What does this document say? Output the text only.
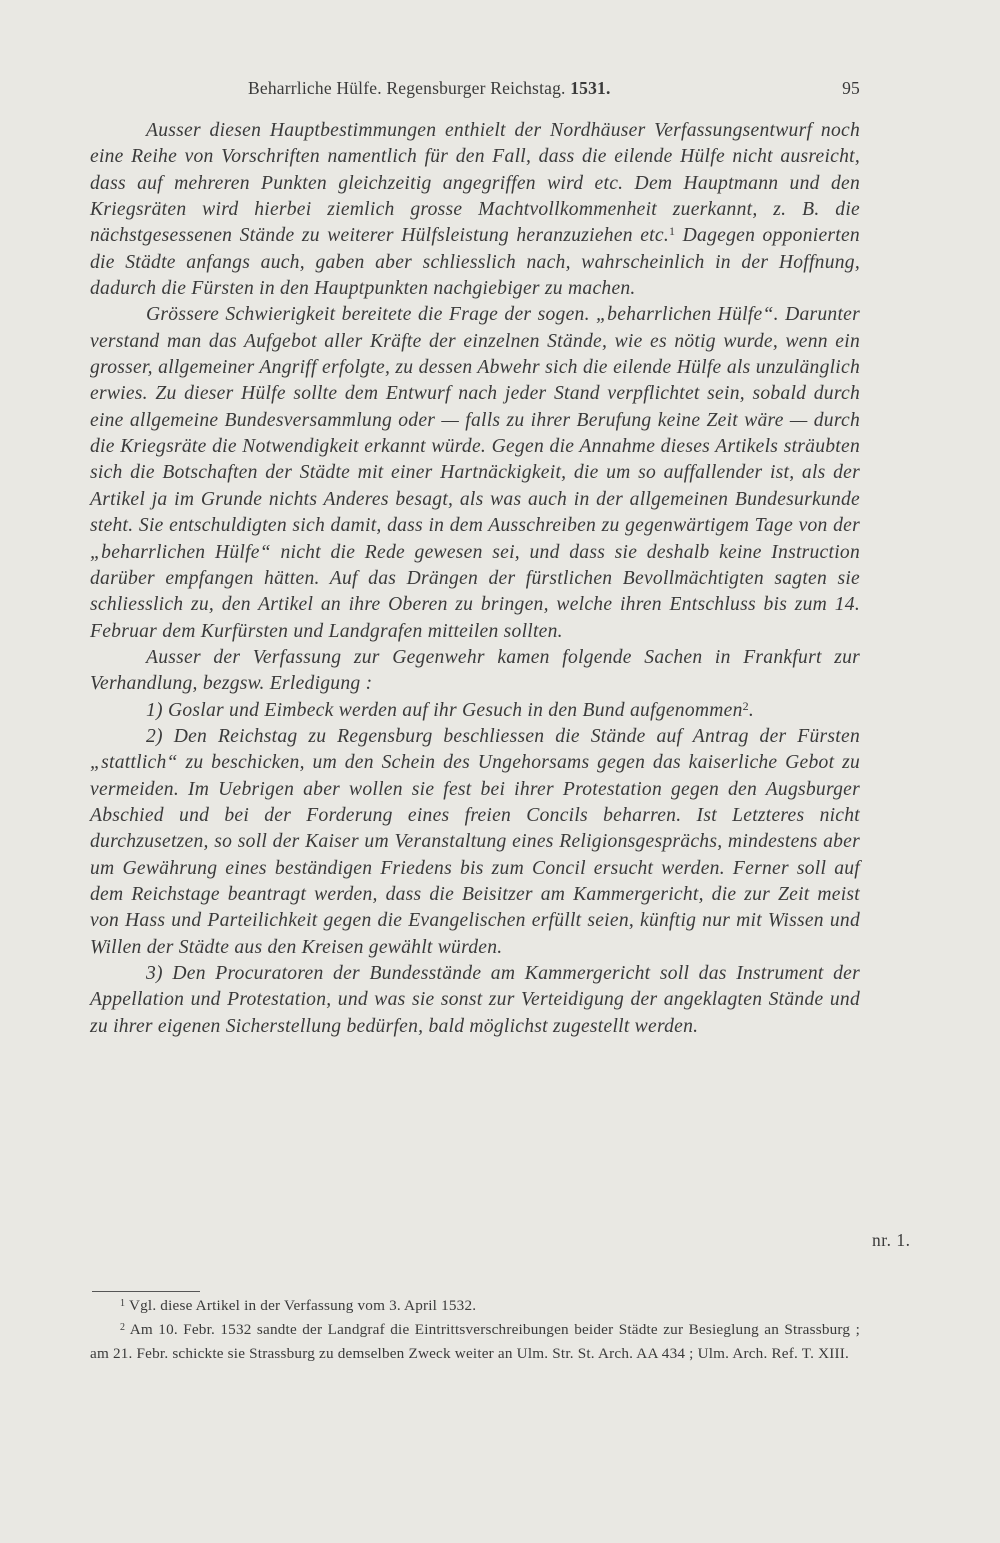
Beharrliche Hülfe. Regensburger Reichstag. 1531.	95

Ausser diesen Hauptbestimmungen enthielt der Nordhäuser Verfassungsentwurf noch eine Reihe von Vorschriften namentlich für den Fall, dass die eilende Hülfe nicht ausreicht, dass auf mehreren Punkten gleichzeitig angegriffen wird etc. Dem Hauptmann und den Kriegsräten wird hierbei ziemlich grosse Machtvollkommenheit zuerkannt, z. B. die nächstgesessenen Stände zu weiterer Hülfsleistung heranzuziehen etc.$^1$ Dagegen opponierten die Städte anfangs auch, gaben aber schliesslich nach, wahrscheinlich in der Hoffnung, dadurch die Fürsten in den Hauptpunkten nachgiebiger zu machen.

Grössere Schwierigkeit bereitete die Frage der sogen. „beharrlichen Hülfe“. Darunter verstand man das Aufgebot aller Kräfte der einzelnen Stände, wie es nötig wurde, wenn ein grosser, allgemeiner Angriff erfolgte, zu dessen Abwehr sich die eilende Hülfe als unzulänglich erwies. Zu dieser Hülfe sollte dem Entwurf nach jeder Stand verpflichtet sein, sobald durch eine allgemeine Bundesversammlung oder — falls zu ihrer Berufung keine Zeit wäre — durch die Kriegsräte die Notwendigkeit erkannt würde. Gegen die Annahme dieses Artikels sträubten sich die Botschaften der Städte mit einer Hartnäckigkeit, die um so auffallender ist, als der Artikel ja im Grunde nichts Anderes besagt, als was auch in der allgemeinen Bundesurkunde steht. Sie entschuldigten sich damit, dass in dem Ausschreiben zu gegenwärtigem Tage von der „beharrlichen Hülfe“ nicht die Rede gewesen sei, und dass sie deshalb keine Instruction darüber empfangen hätten. Auf das Drängen der fürstlichen Bevollmächtigten sagten sie schliesslich zu, den Artikel an ihre Oberen zu bringen, welche ihren Entschluss bis zum 14. Februar dem Kurfürsten und Landgrafen mitteilen sollten.

Ausser der Verfassung zur Gegenwehr kamen folgende Sachen in Frankfurt zur Verhandlung, bezgsw. Erledigung :

1) Goslar und Eimbeck werden auf ihr Gesuch in den Bund aufgenommen$^2$.

2) Den Reichstag zu Regensburg beschliessen die Stände auf Antrag der Fürsten „stattlich“ zu beschicken, um den Schein des Ungehorsams gegen das kaiserliche Gebot zu vermeiden. Im Uebrigen aber wollen sie fest bei ihrer Protestation gegen den Augsburger Abschied und bei der Forderung eines freien Concils beharren. Ist Letzteres nicht durchzusetzen, so soll der Kaiser um Veranstaltung eines Religionsgesprächs, mindestens aber um Gewährung eines beständigen Friedens bis zum Concil ersucht werden. Ferner soll auf dem Reichstage beantragt werden, dass die Beisitzer am Kammergericht, die zur Zeit meist von Hass und Parteilichkeit gegen die Evangelischen erfüllt seien, künftig nur mit Wissen und Willen der Städte aus den Kreisen gewählt würden.

3) Den Procuratoren der Bundesstände am Kammergericht soll das Instrument der Appellation und Protestation, und was sie sonst zur Verteidigung der angeklagten Stände und zu ihrer eigenen Sicherstellung bedürfen, bald möglichst zugestellt werden.

nr. 1.

$^1$ Vgl. diese Artikel in der Verfassung vom 3. April 1532.

$^2$ Am 10. Febr. 1532 sandte der Landgraf die Eintrittsverschreibungen beider Städte zur Besieglung an Strassburg ; am 21. Febr. schickte sie Strassburg zu demselben Zweck weiter an Ulm. Str. St. Arch. AA 434 ; Ulm. Arch. Ref. T. XIII.
